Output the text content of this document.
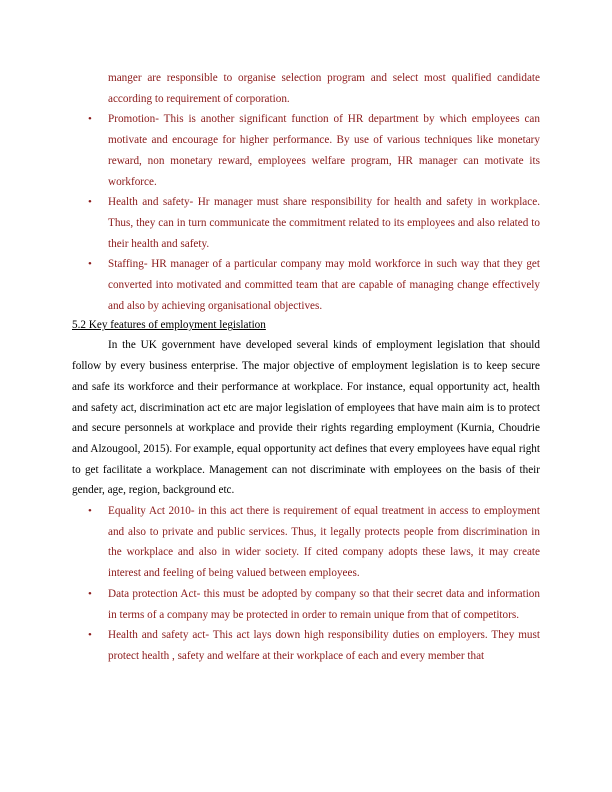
manger are responsible to organise selection program and select most qualified candidate according to requirement of corporation.

• Promotion- This is another significant function of HR department by which employees can motivate and encourage for higher performance. By use of various techniques like monetary reward, non monetary reward, employees welfare program, HR manager can motivate its workforce.
• Health and safety- Hr manager must share responsibility for health and safety in workplace. Thus, they can in turn communicate the commitment related to its employees and also related to their health and safety.
• Staffing- HR manager of a particular company may mold workforce in such way that they get converted into motivated and committed team that are capable of managing change effectively and also by achieving organisational objectives.

5.2 Key features of employment legislation

In the UK government have developed several kinds of employment legislation that should follow by every business enterprise. The major objective of employment legislation is to keep secure and safe its workforce and their performance at workplace. For instance, equal opportunity act, health and safety act, discrimination act etc are major legislation of employees that have main aim is to protect and secure personnels at workplace and provide their rights regarding employment (Kurnia, Choudrie and Alzougool, 2015). For example, equal opportunity act defines that every employees have equal right to get facilitate a workplace. Management can not discriminate with employees on the basis of their gender, age, region, background etc.

• Equality Act 2010- in this act there is requirement of equal treatment in access to employment and also to private and public services. Thus, it legally protects people from discrimination in the workplace and also in wider society. If cited company adopts these laws, it may create interest and feeling of being valued between employees.
• Data protection Act- this must be adopted by company so that their secret data and information in terms of a company may be protected in order to remain unique from that of competitors.
• Health and safety act- This act lays down high responsibility duties on employers. They must protect health , safety and welfare at their workplace of each and every member that
